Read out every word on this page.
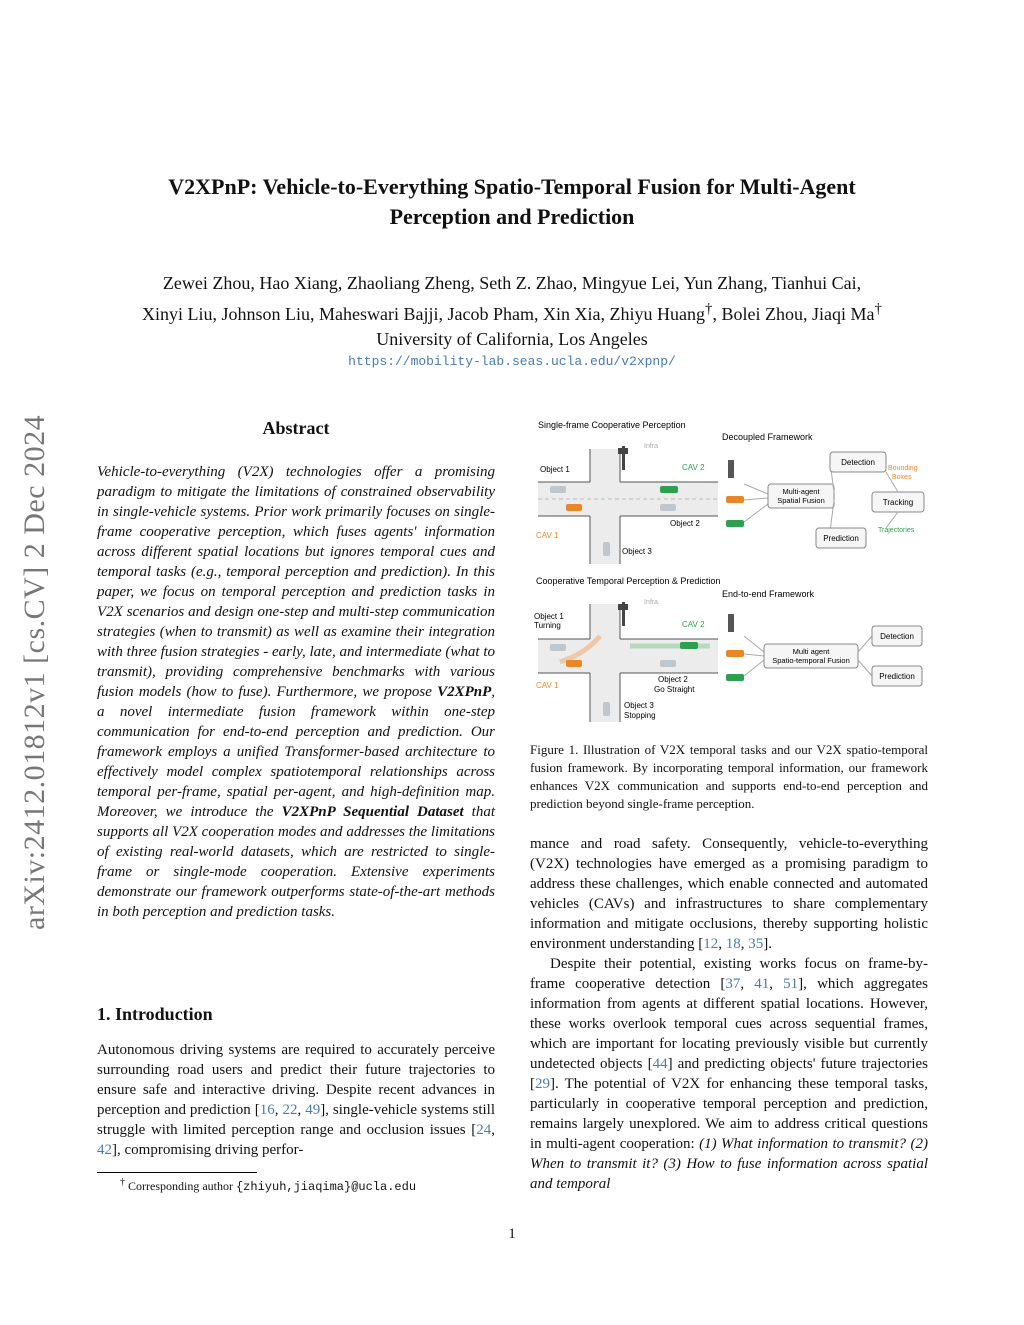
arXiv:2412.01812v1 [cs.CV] 2 Dec 2024
V2XPnP: Vehicle-to-Everything Spatio-Temporal Fusion for Multi-Agent
Perception and Prediction
Zewei Zhou, Hao Xiang, Zhaoliang Zheng, Seth Z. Zhao, Mingyue Lei, Yun Zhang, Tianhui Cai,
Xinyi Liu, Johnson Liu, Maheswari Bajji, Jacob Pham, Xin Xia, Zhiyu Huang†, Bolei Zhou, Jiaqi Ma†
University of California, Los Angeles
https://mobility-lab.seas.ucla.edu/v2xpnp/
Abstract
Vehicle-to-everything (V2X) technologies offer a promising paradigm to mitigate the limitations of constrained observability in single-vehicle systems. Prior work primarily focuses on single-frame cooperative perception, which fuses agents' information across different spatial locations but ignores temporal cues and temporal tasks (e.g., temporal perception and prediction). In this paper, we focus on temporal perception and prediction tasks in V2X scenarios and design one-step and multi-step communication strategies (when to transmit) as well as examine their integration with three fusion strategies - early, late, and intermediate (what to transmit), providing comprehensive benchmarks with various fusion models (how to fuse). Furthermore, we propose V2XPnP, a novel intermediate fusion framework within one-step communication for end-to-end perception and prediction. Our framework employs a unified Transformer-based architecture to effectively model complex spatiotemporal relationships across temporal per-frame, spatial per-agent, and high-definition map. Moreover, we introduce the V2XPnP Sequential Dataset that supports all V2X cooperation modes and addresses the limitations of existing real-world datasets, which are restricted to single-frame or single-mode cooperation. Extensive experiments demonstrate our framework outperforms state-of-the-art methods in both perception and prediction tasks.
1. Introduction
Autonomous driving systems are required to accurately perceive surrounding road users and predict their future trajectories to ensure safe and interactive driving. Despite recent advances in perception and prediction [16, 22, 49], single-vehicle systems still struggle with limited perception range and occlusion issues [24, 42], compromising driving perfor-
† Corresponding author {zhiyuh,jiaqima}@ucla.edu
Single-frame Cooperative Perception
Decoupled Framework
Infra
Object 1	CAV 2
Object 2
CAV 1
Object 3
Multi-agent
Spatial Fusion
Detection
Bounding
Boxes
Tracking
Prediction
Trajectories
Cooperative Temporal Perception & Prediction
End-to-end Framework
Infra
Object 1
Turning	CAV 2
CAV 1
Object 2
Go Straight
Object 3
Stopping
Multi agent
Spatio-temporal Fusion
Detection
Prediction
Figure 1. Illustration of V2X temporal tasks and our V2X spatio-temporal fusion framework. By incorporating temporal information, our framework enhances V2X communication and supports end-to-end perception and prediction beyond single-frame perception.

mance and road safety. Consequently, vehicle-to-everything (V2X) technologies have emerged as a promising paradigm to address these challenges, which enable connected and automated vehicles (CAVs) and infrastructures to share complementary information and mitigate occlusions, thereby supporting holistic environment understanding [12, 18, 35].

Despite their potential, existing works focus on frame-by-frame cooperative detection [37, 41, 51], which aggregates information from agents at different spatial locations. However, these works overlook temporal cues across sequential frames, which are important for locating previously visible but currently undetected objects [44] and predicting objects' future trajectories [29]. The potential of V2X for enhancing these temporal tasks, particularly in cooperative temporal perception and prediction, remains largely unexplored. We aim to address critical questions in multi-agent cooperation: (1) What information to transmit? (2) When to transmit it? (3) How to fuse information across spatial and temporal

1
